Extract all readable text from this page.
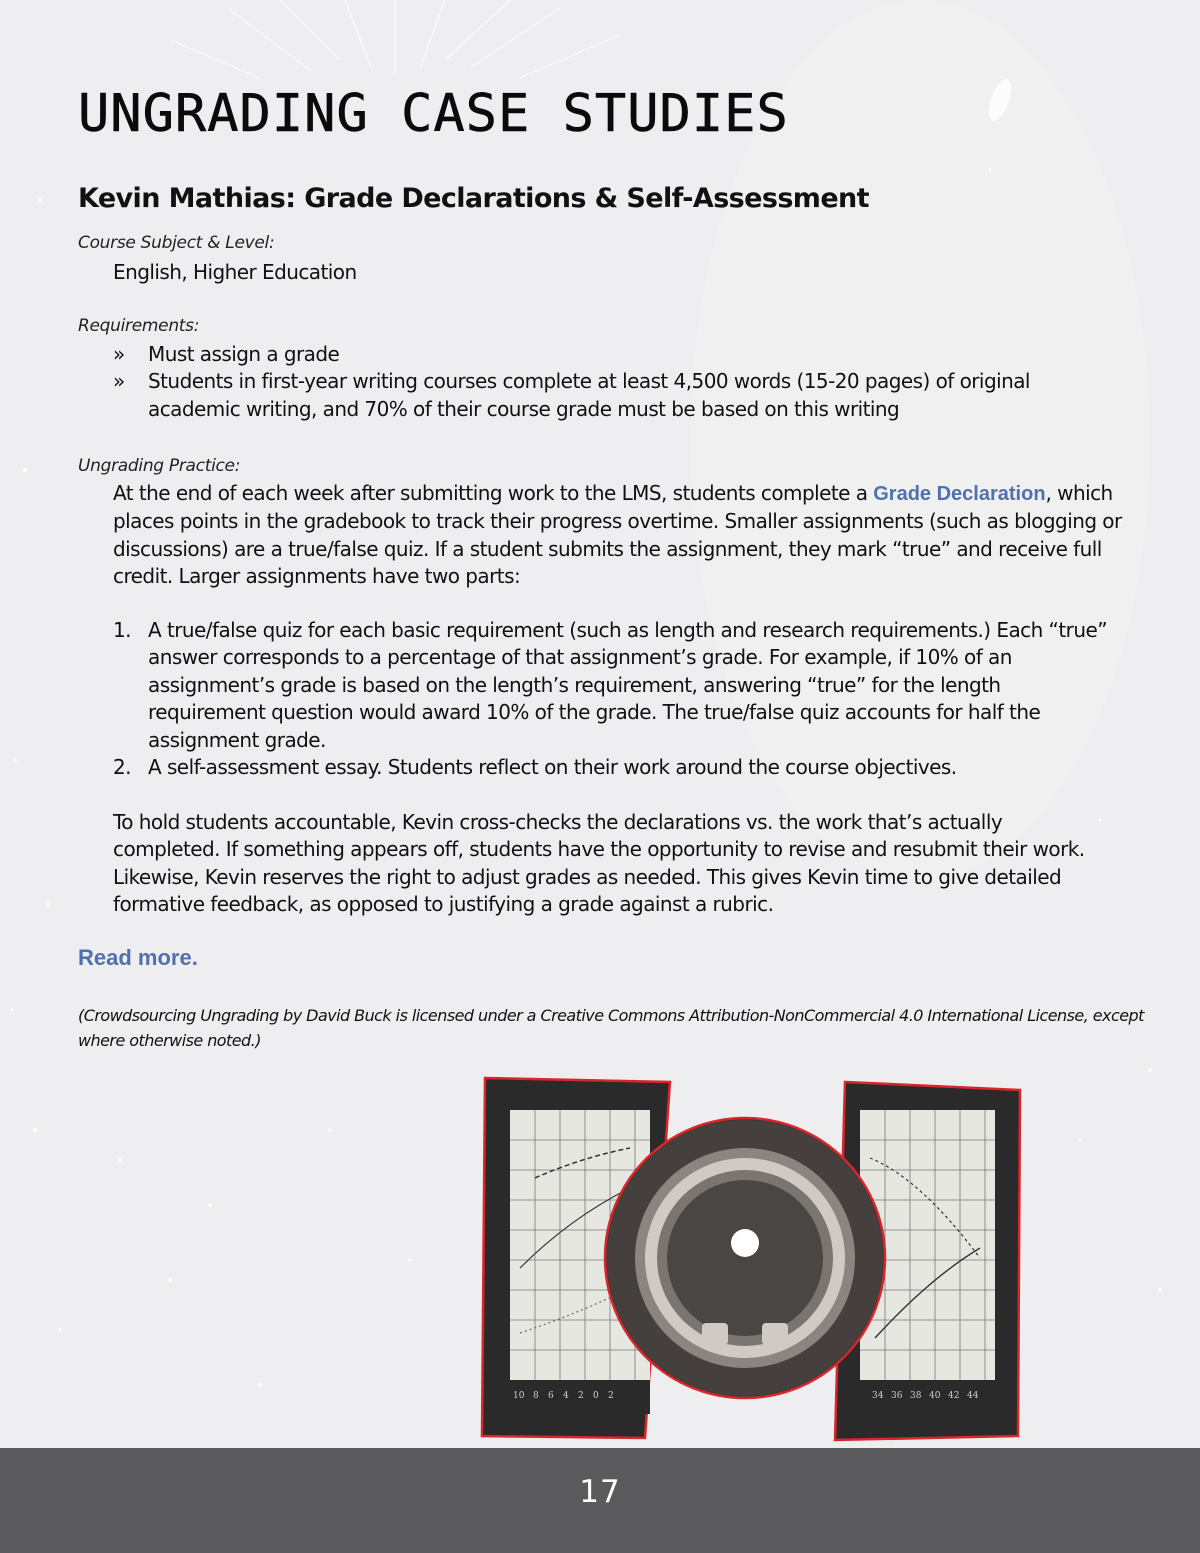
UNGRADING CASE STUDIES
Kevin Mathias: Grade Declarations & Self-Assessment

Course Subject & Level:

English, Higher Education

Requirements:

» Must assign a grade
» Students in first-year writing courses complete at least 4,500 words (15-20 pages) of original academic writing, and 70% of their course grade must be based on this writing

Ungrading Practice:

At the end of each week after submitting work to the LMS, students complete a Grade Declaration, which places points in the gradebook to track their progress overtime. Smaller assignments (such as blogging or discussions) are a true/false quiz. If a student submits the assignment, they mark “true” and receive full credit. Larger assignments have two parts:

1. A true/false quiz for each basic requirement (such as length and research requirements.) Each “true” answer corresponds to a percentage of that assignment’s grade. For example, if 10% of an assignment’s grade is based on the length’s requirement, answering “true” for the length requirement question would award 10% of the grade. The true/false quiz accounts for half the assignment grade.
2. A self-assessment essay. Students reflect on their work around the course objectives.

To hold students accountable, Kevin cross-checks the declarations vs. the work that’s actually completed. If something appears off, students have the opportunity to revise and resubmit their work. Likewise, Kevin reserves the right to adjust grades as needed. This gives Kevin time to give detailed formative feedback, as opposed to justifying a grade against a rubric.

Read more.

(Crowdsourcing Ungrading by David Buck is licensed under a Creative Commons Attribution-NonCommercial 4.0 International License, except where otherwise noted.)

10 8 6 4 2 0 2	34 36 38 40 42 44
17
